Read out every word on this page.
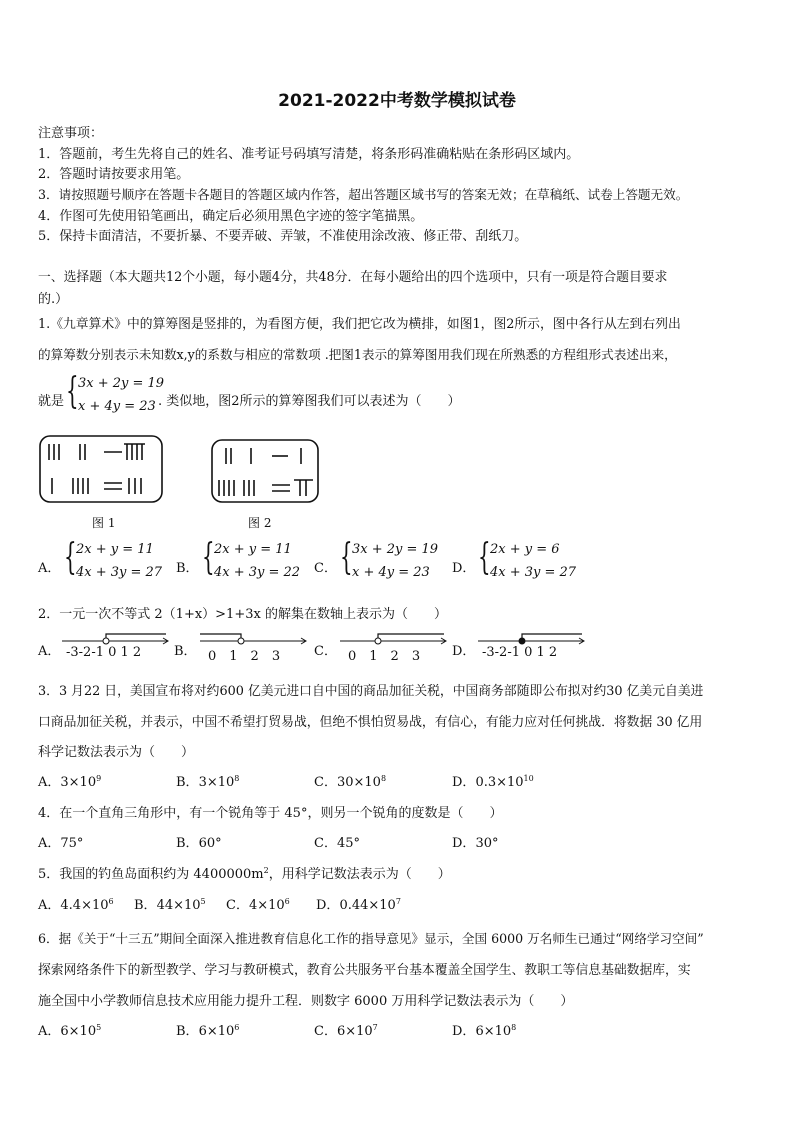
2021-2022中考数学模拟试卷
注意事项：
1．答题前，考生先将自己的姓名、准考证号码填写清楚，将条形码准确粘贴在条形码区域内。
2．答题时请按要求用笔。
3．请按照题号顺序在答题卡各题目的答题区域内作答，超出答题区域书写的答案无效；在草稿纸、试卷上答题无效。
4．作图可先使用铅笔画出，确定后必须用黑色字迹的签字笔描黑。
5．保持卡面清洁，不要折暴、不要弄破、弄皱，不准使用涂改液、修正带、刮纸刀。
一、选择题（本大题共12个小题，每小题4分，共48分．在每小题给出的四个选项中，只有一项是符合题目要求
的.）
1.《九章算术》中的算筹图是竖排的，为看图方便，我们把它改为横排，如图1，图2所示，图中各行从左到右列出
的算筹数分别表示未知数x,y的系数与相应的常数项 .把图1表示的算筹图用我们现在所熟悉的方程组形式表述出来，
就是 { 3x + 2y = 19
x + 4y = 23 . 类似地，图2所示的算筹图我们可以表述为（　　）
图 1	图 2
A． { 2x + y = 11
4x + 3y = 27 B． { 2x + y = 11
4x + 3y = 22 C． { 3x + 2y = 19
x + 4y = 23 D． { 2x + y = 6
4x + 3y = 27
2．一元一次不等式 2（1+x）>1+3x 的解集在数轴上表示为（　　）
A． -3-2-1 0 1 2	B． 0　1　2　3	C． 0　1　2　3 D． -3-2-1 0 1 2
3．3 月22 日，美国宣布将对约600 亿美元进口自中国的商品加征关税，中国商务部随即公布拟对约30 亿美元自美进
口商品加征关税，并表示，中国不希望打贸易战，但绝不惧怕贸易战，有信心，有能力应对任何挑战．将数据 30 亿用
科学记数法表示为（　　）
A．$3\times 10^9$	B．$3\times 10^8$	C．$30\times 10^8$	D．$0.3\times 10^{10}$
4．在一个直角三角形中，有一个锐角等于 45°，则另一个锐角的度数是（　　）
A．75°	B．60°	C．45°	D．30°
5．我国的钓鱼岛面积约为 $4400000m^2$，用科学记数法表示为（　　）
A．$4.4\times 10^6$ B．$44\times 10^5$ C．$4\times 10^6$ D．$0.44\times 10^7$
6．据《关于“十三五”期间全面深入推进教育信息化工作的指导意见》显示，全国 6000 万名师生已通过“网络学习空间”
探索网络条件下的新型教学、学习与教研模式，教育公共服务平台基本覆盖全国学生、教职工等信息基础数据库，实
施全国中小学教师信息技术应用能力提升工程．则数字 6000 万用科学记数法表示为（　　）
A．$6\times 10^5$	B．$6\times 10^6$	C．$6\times 10^7$	D．$6\times 10^8$
